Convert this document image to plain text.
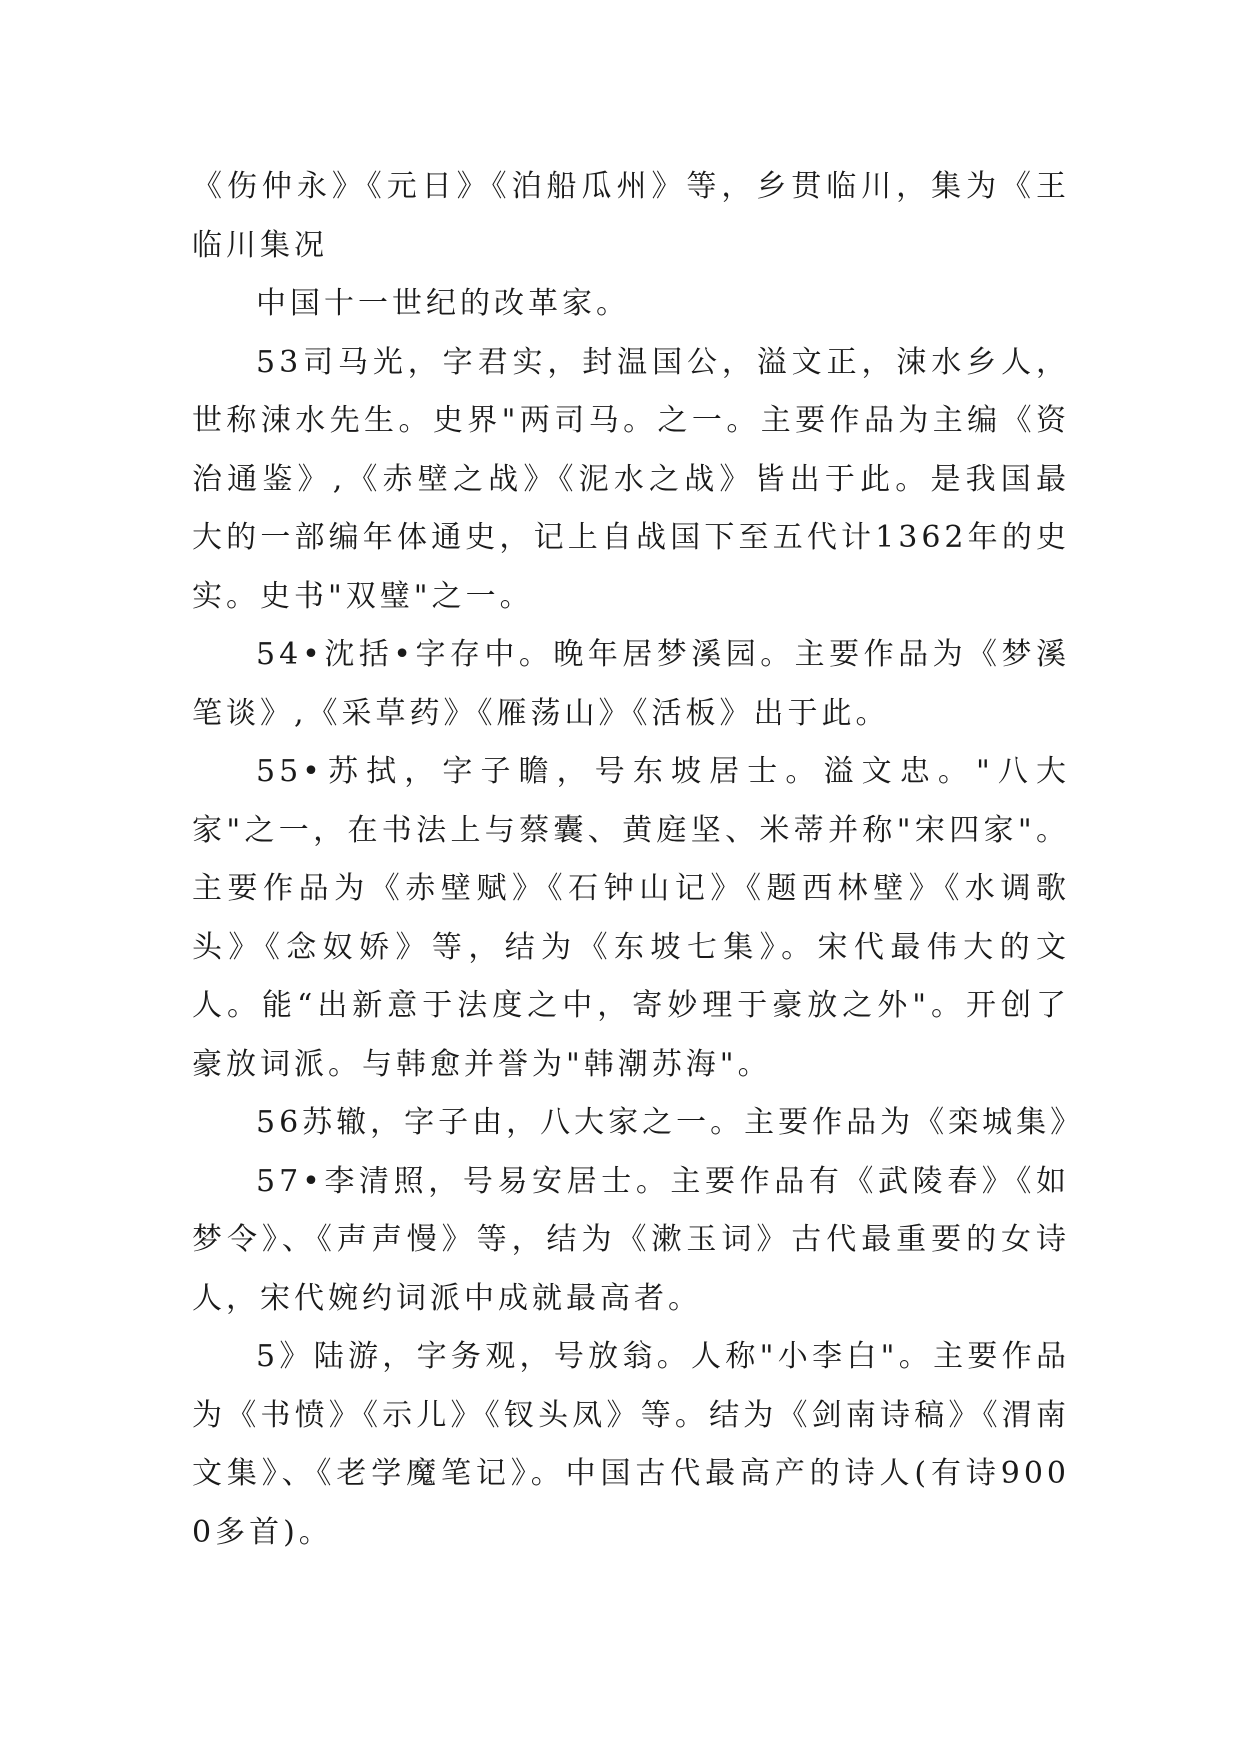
《伤仲永》《元日》《泊船瓜州》等，乡贯临川，集为《王临川集况

中国十一世纪的改革家。

53司马光，字君实，封温国公，溢文正，涑水乡人，世称涑水先生。史界"两司马。之一。主要作品为主编《资治通鉴》,《赤壁之战》《泥水之战》皆出于此。是我国最大的一部编年体通史，记上自战国下至五代计1362年的史实。史书"双璧"之一。

54•沈括•字存中。晚年居梦溪园。主要作品为《梦溪笔谈》,《采草药》《雁荡山》《活板》出于此。

55•苏拭，字子瞻，号东坡居士。溢文忠。"八大家"之一，在书法上与蔡囊、黄庭坚、米蒂并称"宋四家"。主要作品为《赤壁赋》《石钟山记》《题西林壁》《水调歌头》《念奴娇》等，结为《东坡七集》。宋代最伟大的文人。能“出新意于法度之中，寄妙理于豪放之外"。开创了豪放词派。与韩愈并誉为"韩潮苏海"。

56苏辙，字子由，八大家之一。主要作品为《栾城集》

57•李清照，号易安居士。主要作品有《武陵春》《如梦令》、《声声慢》等，结为《漱玉词》古代最重要的女诗人，宋代婉约词派中成就最高者。

5》陆游，字务观，号放翁。人称"小李白"。主要作品为《书愤》《示儿》《钗头凤》等。结为《剑南诗稿》《渭南文集》、《老学魔笔记》。中国古代最高产的诗人(有诗9000多首)。
